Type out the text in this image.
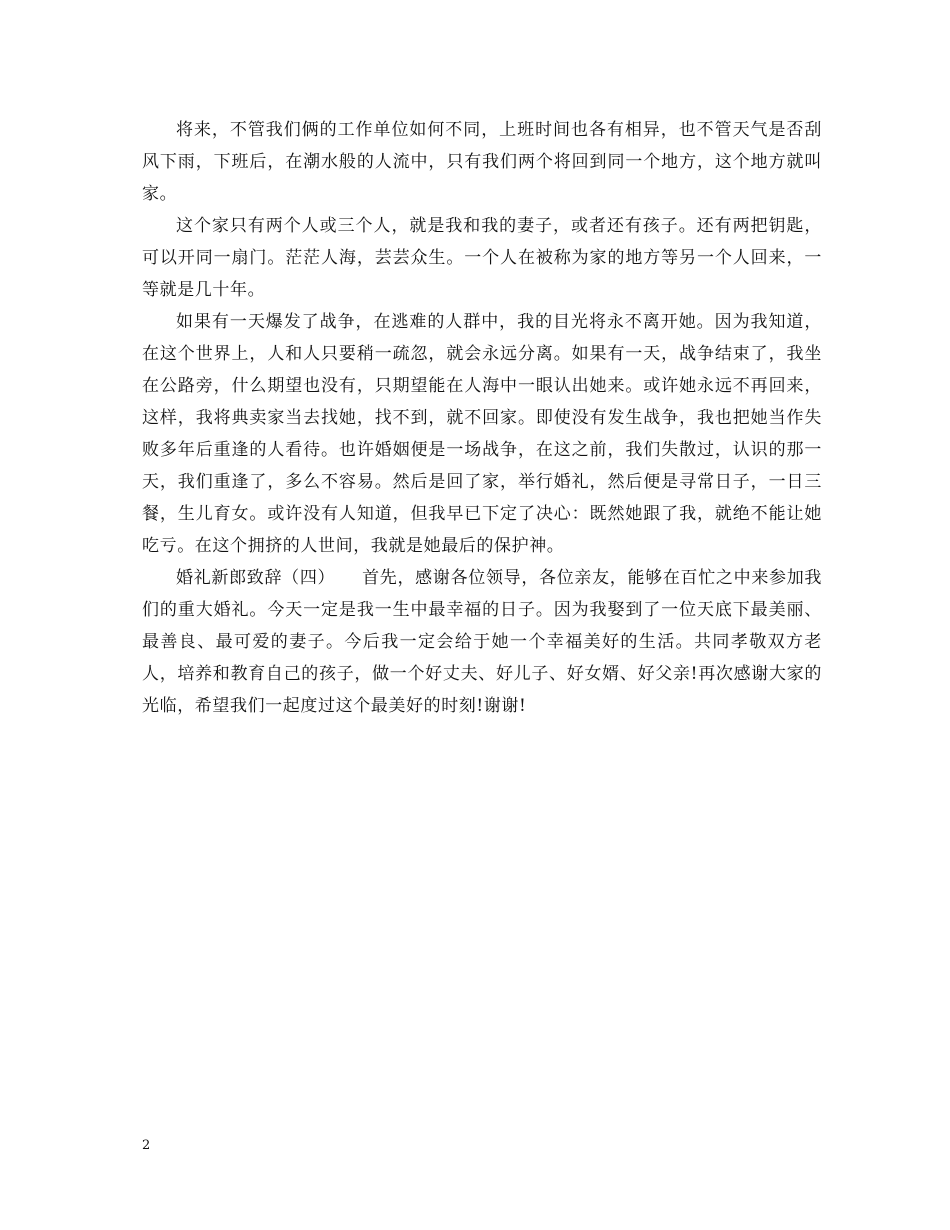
将来，不管我们俩的工作单位如何不同，上班时间也各有相异，也不管天气是否刮风下雨，下班后，在潮水般的人流中，只有我们两个将回到同一个地方，这个地方就叫家。

这个家只有两个人或三个人，就是我和我的妻子，或者还有孩子。还有两把钥匙，可以开同一扇门。茫茫人海，芸芸众生。一个人在被称为家的地方等另一个人回来，一等就是几十年。

如果有一天爆发了战争，在逃难的人群中，我的目光将永不离开她。因为我知道，在这个世界上，人和人只要稍一疏忽，就会永远分离。如果有一天，战争结束了，我坐在公路旁，什么期望也没有，只期望能在人海中一眼认出她来。或许她永远不再回来，这样，我将典卖家当去找她，找不到，就不回家。即使没有发生战争，我也把她当作失败多年后重逢的人看待。也许婚姻便是一场战争，在这之前，我们失散过，认识的那一天，我们重逢了，多么不容易。然后是回了家，举行婚礼，然后便是寻常日子，一日三餐，生儿育女。或许没有人知道，但我早已下定了决心：既然她跟了我，就绝不能让她吃亏。在这个拥挤的人世间，我就是她最后的保护神。

婚礼新郎致辞（四）　　首先，感谢各位领导，各位亲友，能够在百忙之中来参加我们的重大婚礼。今天一定是我一生中最幸福的日子。因为我娶到了一位天底下最美丽、最善良、最可爱的妻子。今后我一定会给于她一个幸福美好的生活。共同孝敬双方老人，培养和教育自己的孩子，做一个好丈夫、好儿子、好女婿、好父亲!再次感谢大家的光临，希望我们一起度过这个最美好的时刻!谢谢!

2
